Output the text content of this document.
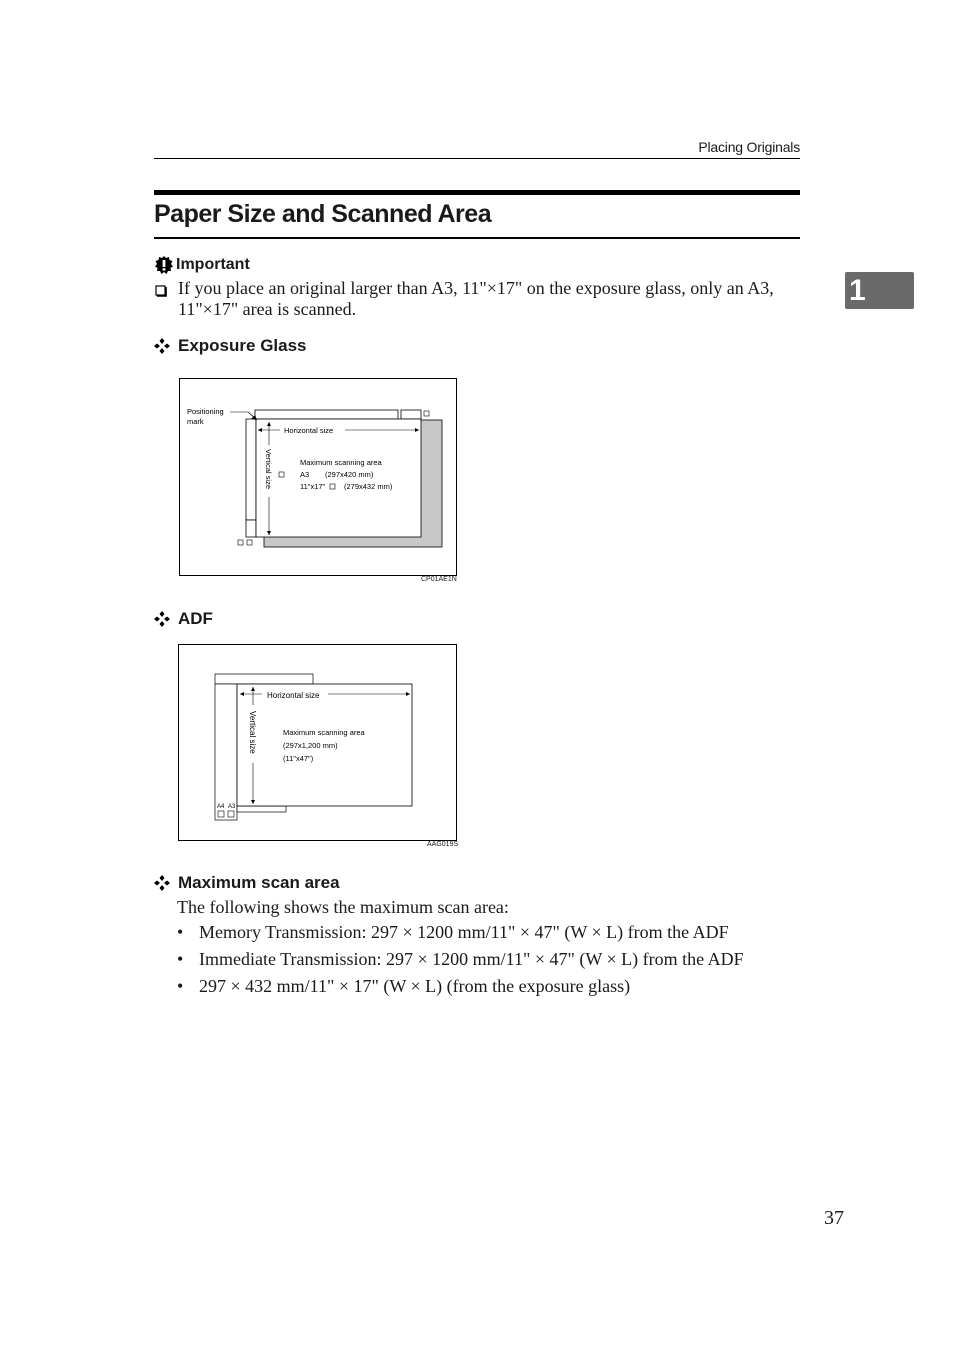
Placing Originals
1
Paper Size and Scanned Area
Important
If you place an original larger than A3, 11"×17" on the exposure glass, only an A3, 11"×17" area is scanned.
Exposure Glass
Positioning
mark
Horizontal size
Vertical size	Maximum scanning area
A3 (297x420 mm)
11"x17"	(279x432 mm)
CP01AE1N
ADF
Horizontal size
Vertical size	Maximum scanning area
(297x1,200 mm)
(11"x47")
A4 A3
AAG019S
Maximum scan area
The following shows the maximum scan area:
• Memory Transmission: 297 × 1200 mm/11" × 47" (W × L) from the ADF
• Immediate Transmission: 297 × 1200 mm/11" × 47" (W × L) from the ADF
• 297 × 432 mm/11" × 17" (W × L) (from the exposure glass)
37
